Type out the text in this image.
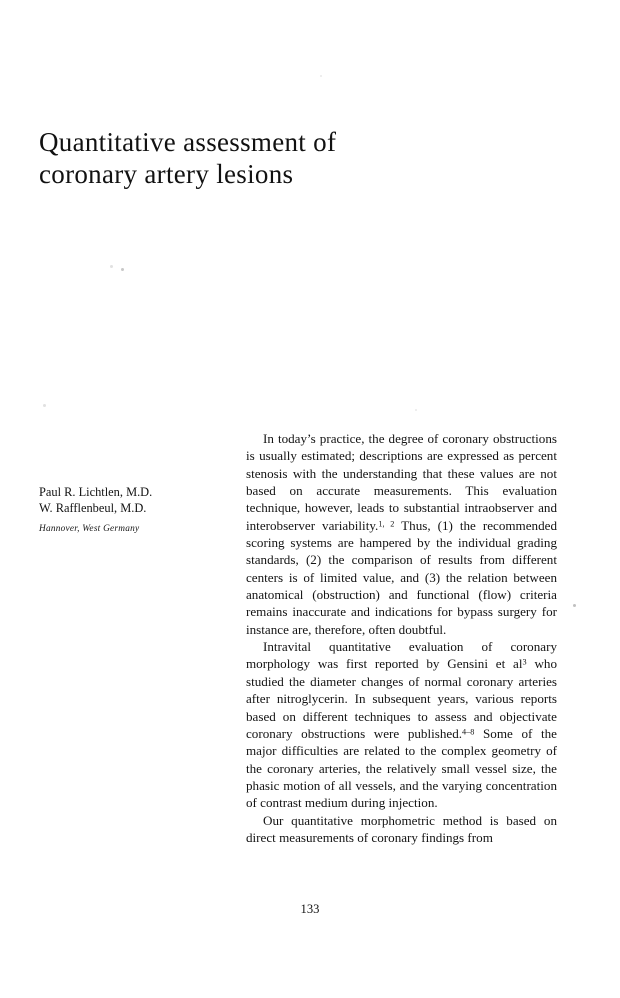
Quantitative assessment of
coronary artery lesions
Paul R. Lichtlen, M.D.
W. Rafflenbeul, M.D.
Hannover, West Germany

In today’s practice, the degree of coronary obstructions is usually estimated; descriptions are expressed as percent stenosis with the understanding that these values are not based on accurate measurements. This evaluation technique, however, leads to substantial intraobserver and interobserver variability.$^{1, 2}$ Thus, (1) the recommended scoring systems are hampered by the individual grading standards, (2) the comparison of results from different centers is of limited value, and (3) the relation between anatomical (obstruction) and functional (flow) criteria remains inaccurate and indications for bypass surgery for instance are, therefore, often doubtful.

Intravital quantitative evaluation of coronary morphology was first reported by Gensini et $al^3$ who studied the diameter changes of normal coronary arteries after nitroglycerin. In subsequent years, various reports based on different techniques to assess and objectivate coronary obstructions were published.$^{4-8}$ Some of the major difficulties are related to the complex geometry of the coronary arteries, the relatively small vessel size, the phasic motion of all vessels, and the varying concentration of contrast medium during injection.

Our quantitative morphometric method is based on direct measurements of coronary findings from

133
